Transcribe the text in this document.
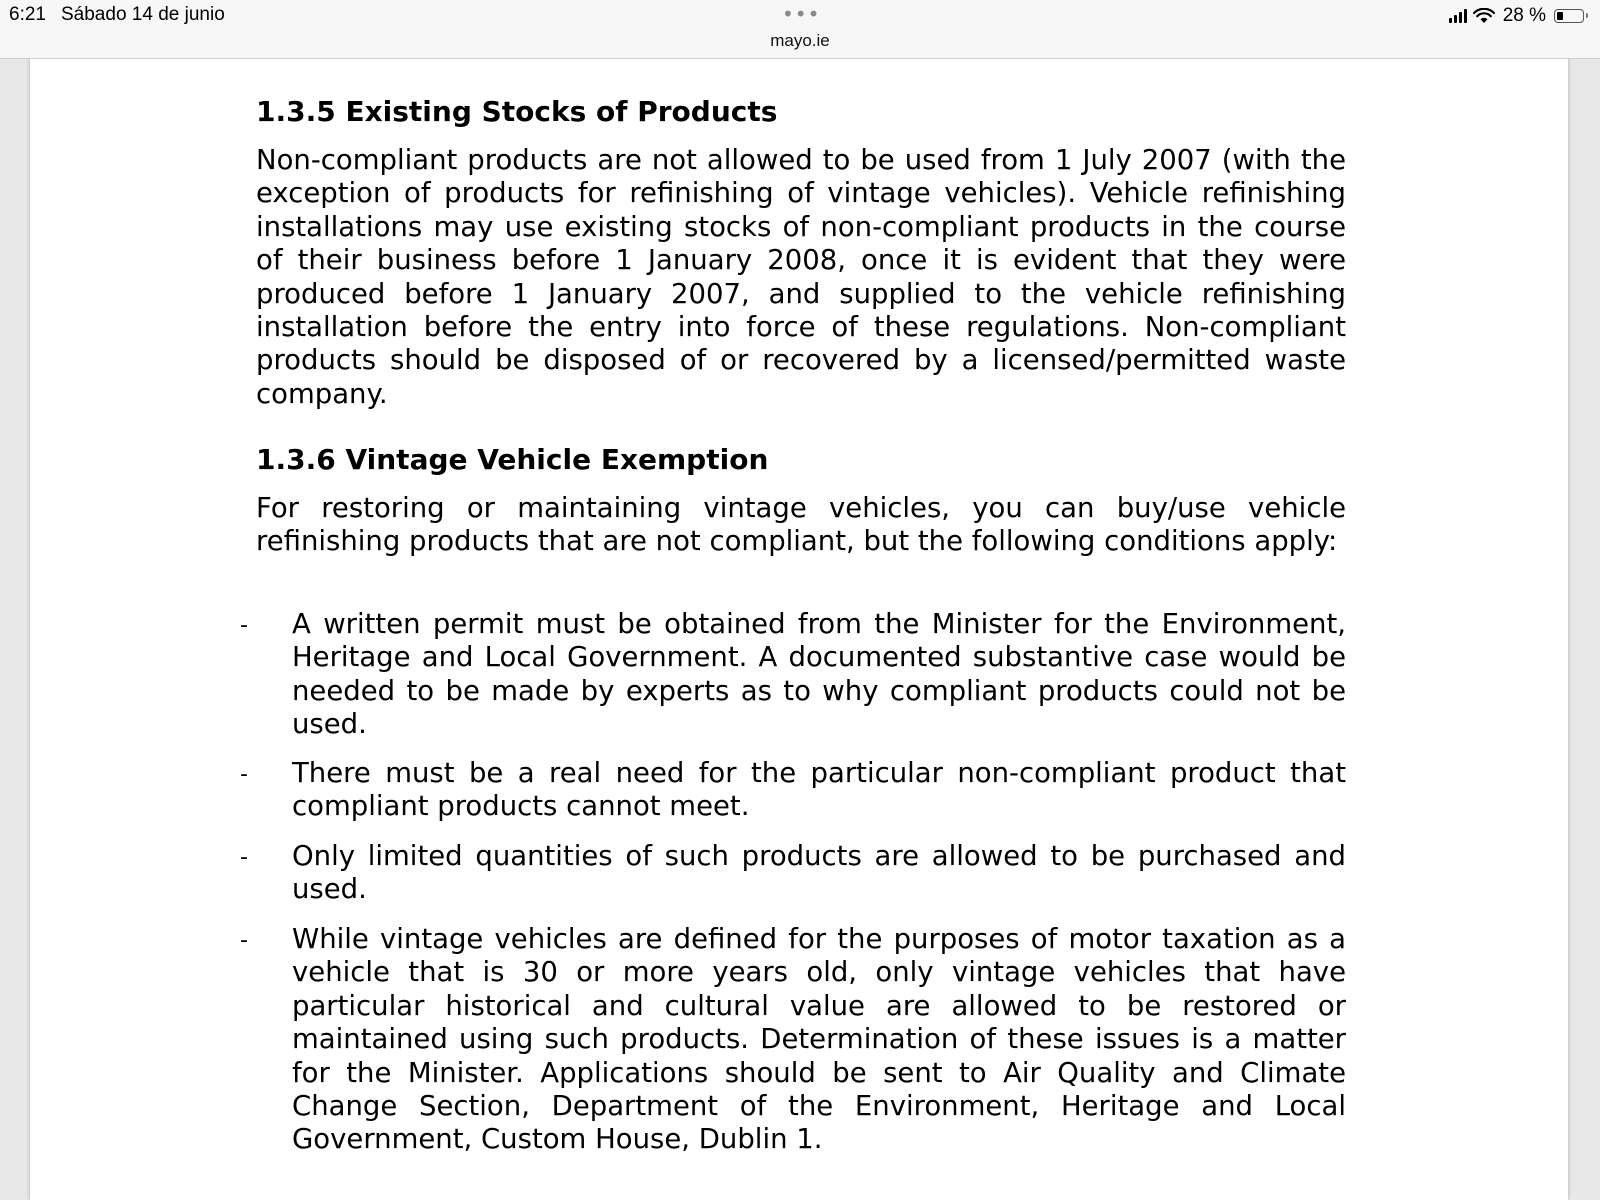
1.3.5 Existing Stocks of Products

Non-compliant products are not allowed to be used from 1 July 2007 (with the exception of products for refinishing of vintage vehicles). Vehicle refinishing installations may use existing stocks of non-compliant products in the course of their business before 1 January 2008, once it is evident that they were produced before 1 January 2007, and supplied to the vehicle refinishing installation before the entry into force of these regulations. Non-compliant products should be disposed of or recovered by a licensed/permitted waste company.

1.3.6 Vintage Vehicle Exemption

For restoring or maintaining vintage vehicles, you can buy/use vehicle refinishing products that are not compliant, but the following conditions apply:

- A written permit must be obtained from the Minister for the Environment, Heritage and Local Government. A documented substantive case would be needed to be made by experts as to why compliant products could not be used.

- There must be a real need for the particular non-compliant product that compliant products cannot meet.

- Only limited quantities of such products are allowed to be purchased and used.

- While vintage vehicles are defined for the purposes of motor taxation as a vehicle that is 30 or more years old, only vintage vehicles that have particular historical and cultural value are allowed to be restored or maintained using such products. Determination of these issues is a matter for the Minister. Applications should be sent to Air Quality and Climate Change Section, Department of the Environment, Heritage and Local Government, Custom House, Dublin 1.

6:21 Sábado 14 de junio	•••
mayo.ie
28 %
